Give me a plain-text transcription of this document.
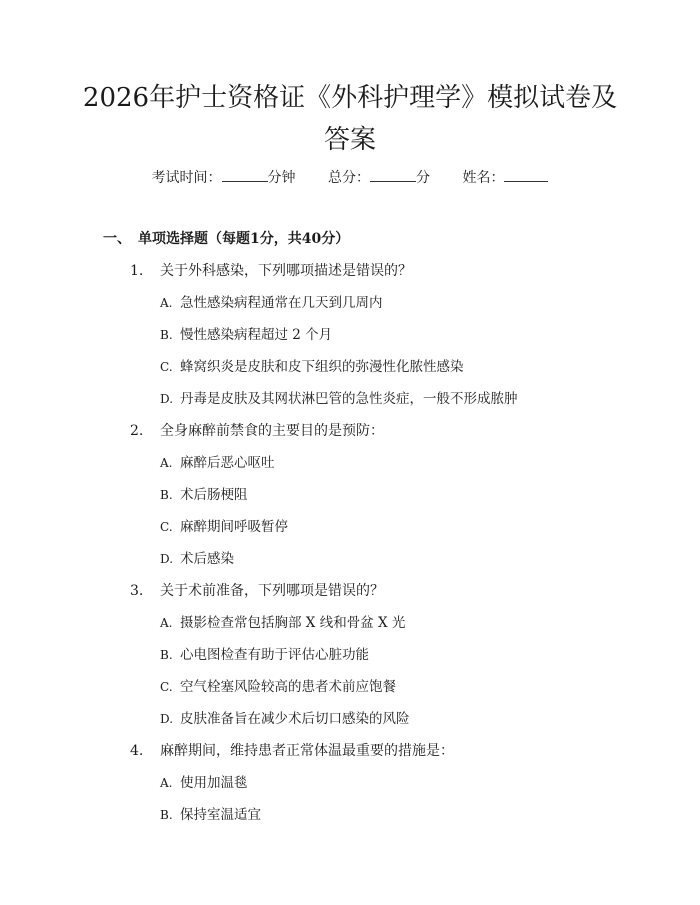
2026年护士资格证《外科护理学》模拟试卷及答案
考试时间：	分钟 总分：	分 姓名：
一、 单项选择题（每题1分，共40分）
1. 关于外科感染，下列哪项描述是错误的？
A. 急性感染病程通常在几天到几周内
B. 慢性感染病程超过 2 个月
C. 蜂窝织炎是皮肤和皮下组织的弥漫性化脓性感染
D. 丹毒是皮肤及其网状淋巴管的急性炎症，一般不形成脓肿
2. 全身麻醉前禁食的主要目的是预防：
A. 麻醉后恶心呕吐
B. 术后肠梗阻
C. 麻醉期间呼吸暂停
D. 术后感染
3. 关于术前准备，下列哪项是错误的？
A. 摄影检查常包括胸部 X 线和骨盆 X 光
B. 心电图检查有助于评估心脏功能
C. 空气栓塞风险较高的患者术前应饱餐
D. 皮肤准备旨在减少术后切口感染的风险
4. 麻醉期间，维持患者正常体温最重要的措施是：
A. 使用加温毯
B. 保持室温适宜
